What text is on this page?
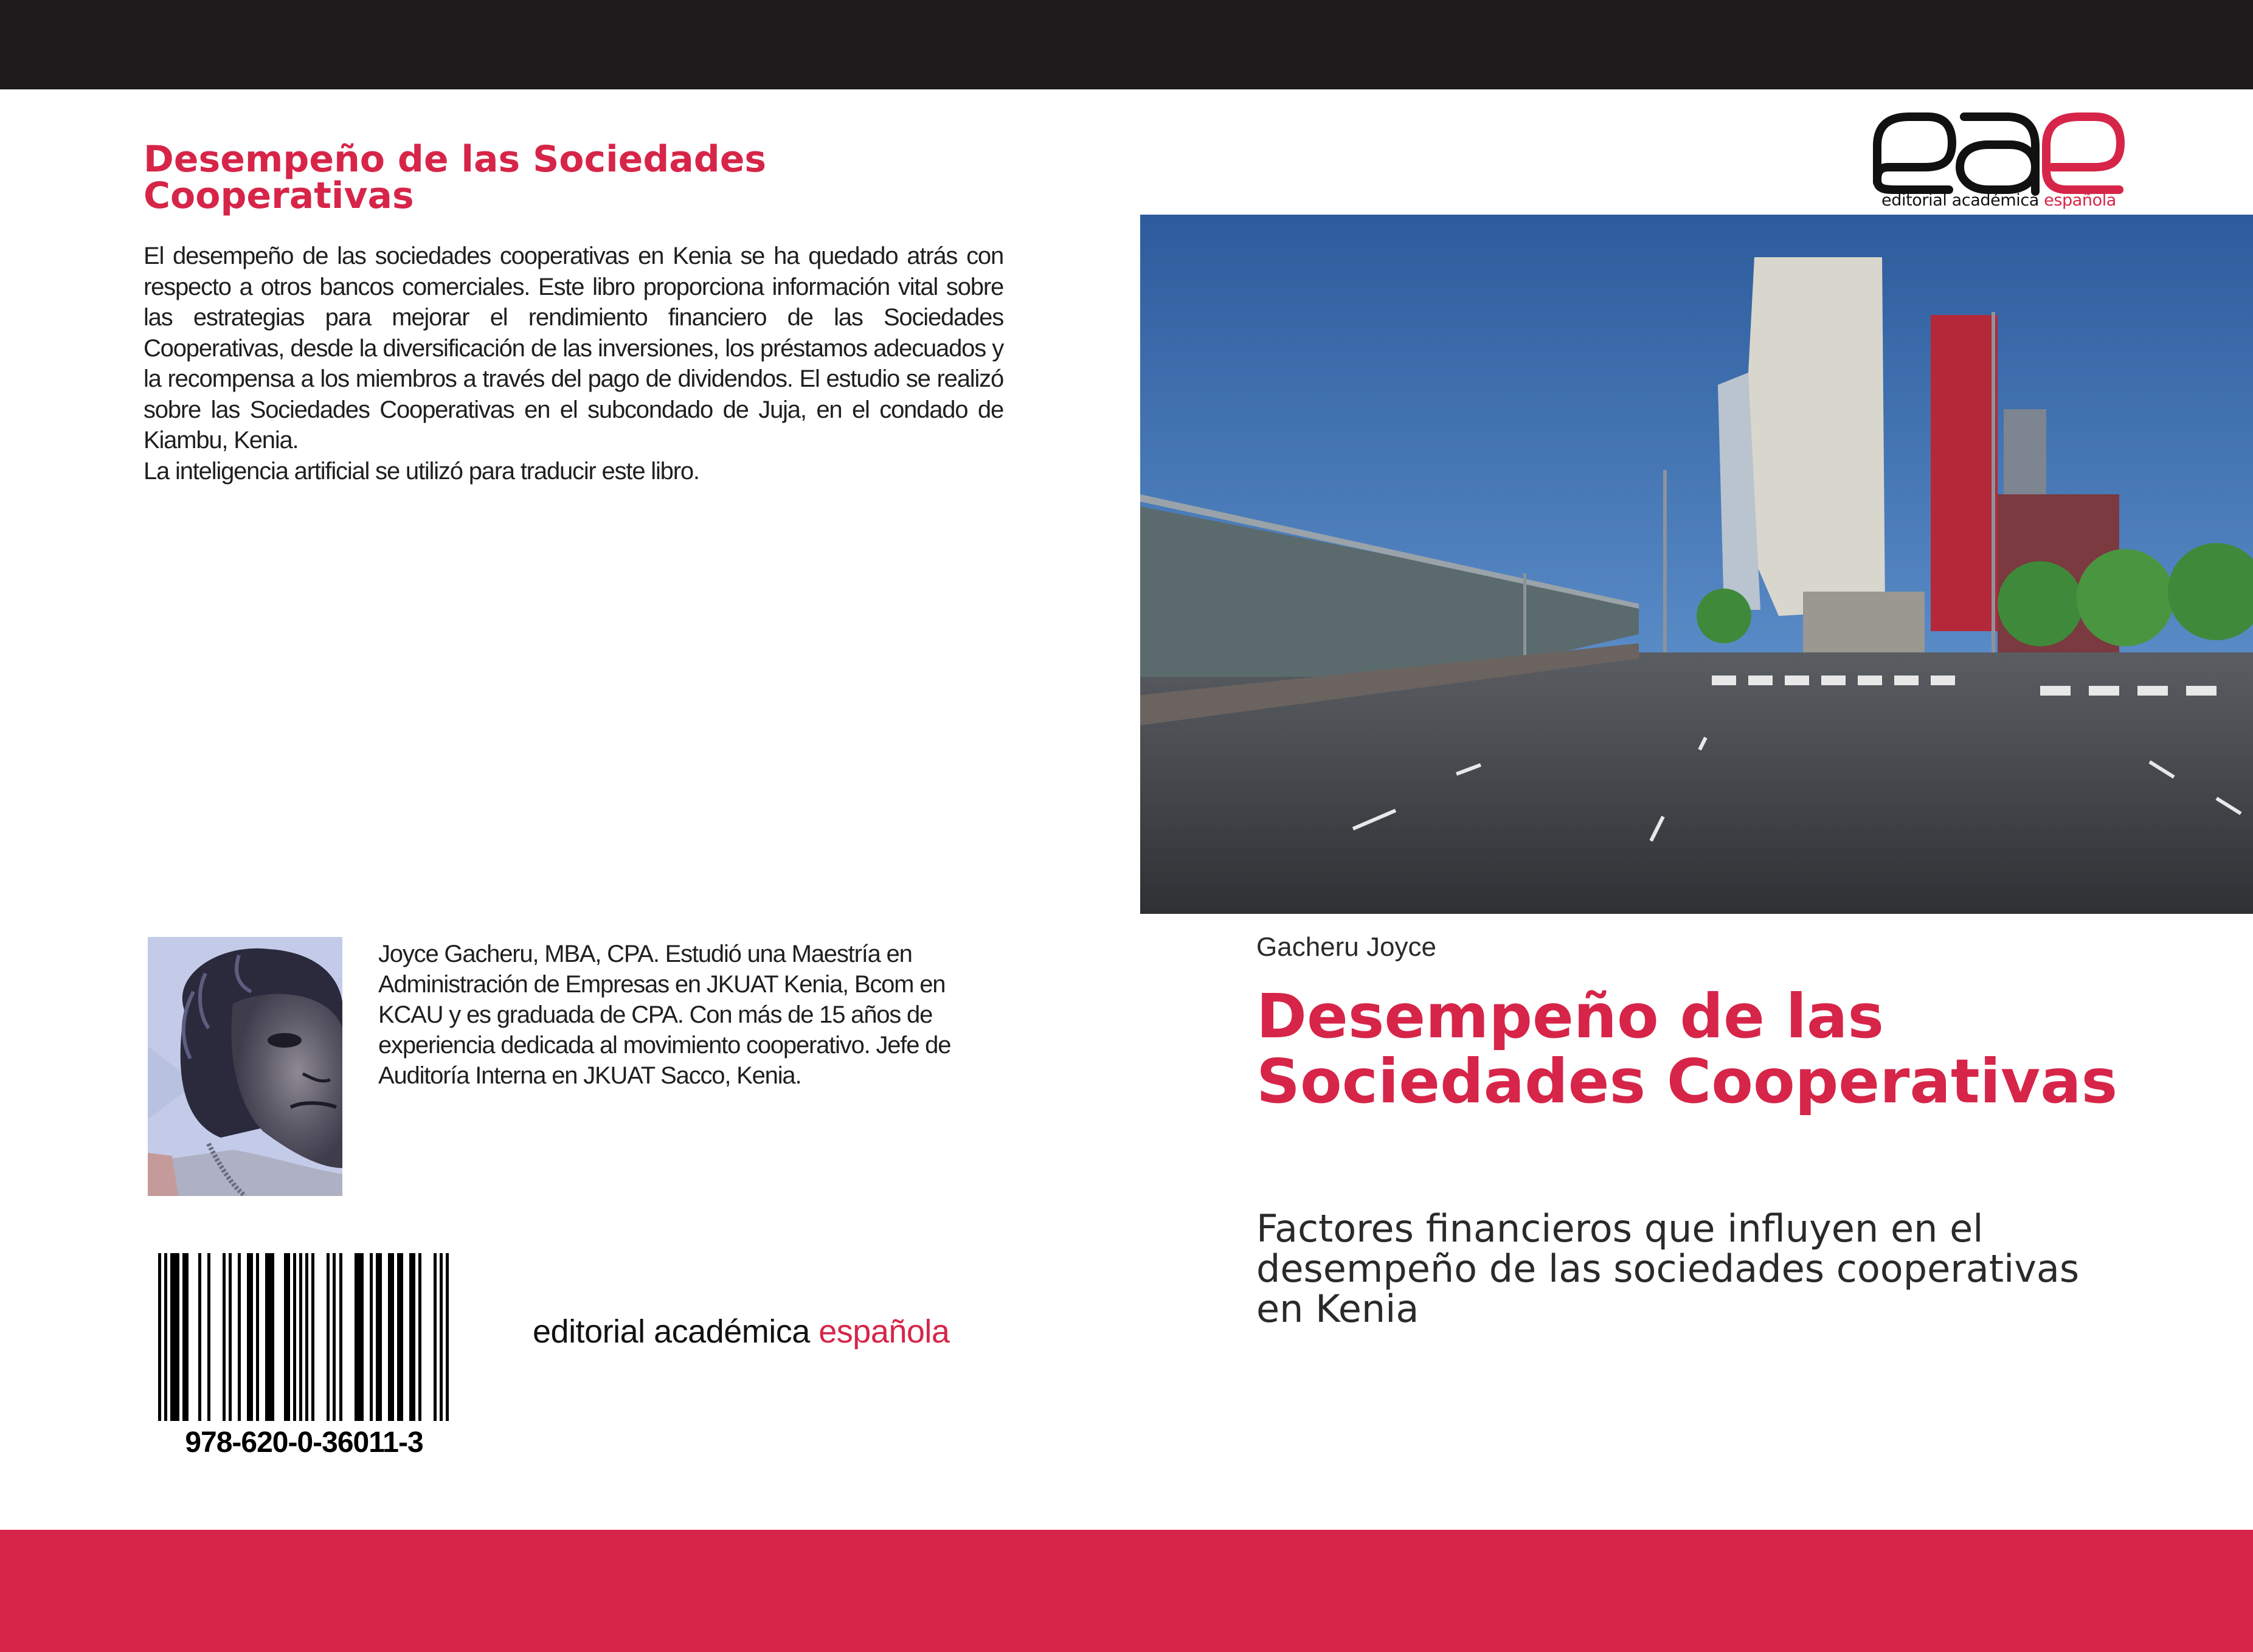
Desempeño de las Sociedades Cooperativas
El desempeño de las sociedades cooperativas en Kenia se ha quedado atrás con respecto a otros bancos comerciales. Este libro proporciona información vital sobre las estrategias para mejorar el rendimiento financiero de las Sociedades Cooperativas, desde la diversificación de las inversiones, los préstamos adecuados y la recompensa a los miembros a través del pago de dividendos. El estudio se realizó sobre las Sociedades Cooperativas en el subcondado de Juja, en el condado de Kiambu, Kenia.
La inteligencia artificial se utilizó para traducir este libro.

Joyce Gacheru, MBA, CPA. Estudió una Maestría en Administración de Empresas en JKUAT Kenia, Bcom en KCAU y es graduada de CPA. Con más de 15 años de experiencia dedicada al movimiento cooperativo. Jefe de Auditoría Interna en JKUAT Sacco, Kenia.

978-620-0-36011-3
editorial académica española
editorial académica española
Gacheru Joyce
Desempeño de las Sociedades Cooperativas

Factores financieros que influyen en el desempeño de las sociedades cooperativas en Kenia
